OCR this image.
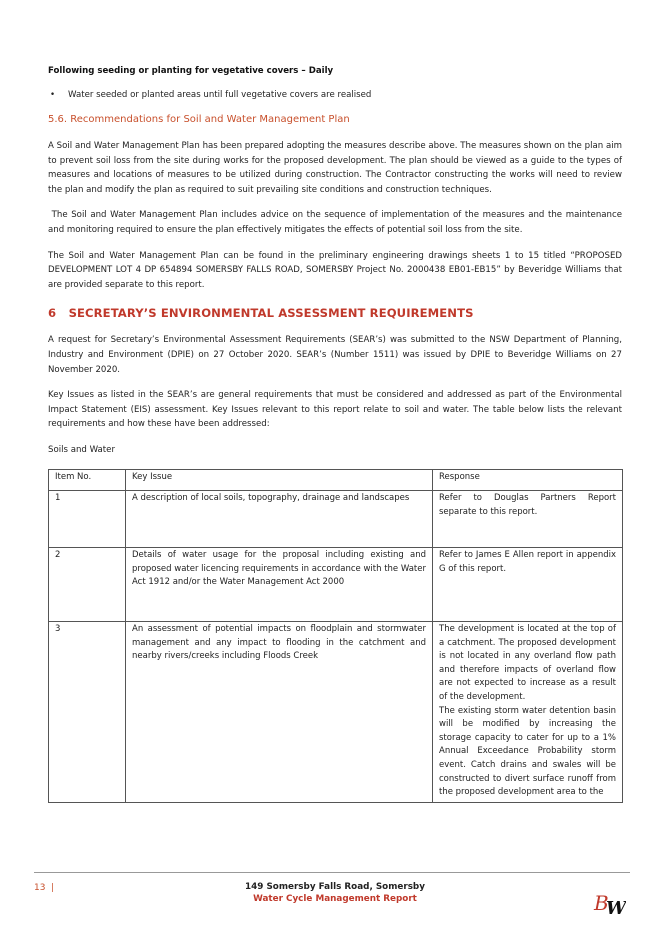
Following seeding or planting for vegetative covers – Daily
•	Water seeded or planted areas until full vegetative covers are realised
5.6. Recommendations for Soil and Water Management Plan

A Soil and Water Management Plan has been prepared adopting the measures describe above. The measures shown on the plan aim to prevent soil loss from the site during works for the proposed development. The plan should be viewed as a guide to the types of measures and locations of measures to be utilized during construction. The Contractor constructing the works will need to review the plan and modify the plan as required to suit prevailing site conditions and construction techniques.

The Soil and Water Management Plan includes advice on the sequence of implementation of the measures and the maintenance and monitoring required to ensure the plan effectively mitigates the effects of potential soil loss from the site.

The Soil and Water Management Plan can be found in the preliminary engineering drawings sheets 1 to 15 titled “PROPOSED DEVELOPMENT LOT 4 DP 654894 SOMERSBY FALLS ROAD, SOMERSBY Project No. 2000438 EB01-EB15” by Beveridge Williams that are provided separate to this report.

6   SECRETARY’S ENVIRONMENTAL ASSESSMENT REQUIREMENTS

A request for Secretary’s Environmental Assessment Requirements (SEAR’s) was submitted to the NSW Department of Planning, Industry and Environment (DPIE) on 27 October 2020. SEAR’s (Number 1511) was issued by DPIE to Beveridge Williams on 27 November 2020.

Key Issues as listed in the SEAR’s are general requirements that must be considered and addressed as part of the Environmental Impact Statement (EIS) assessment. Key Issues relevant to this report relate to soil and water. The table below lists the relevant requirements and how these have been addressed:

Soils and Water

Item No.	Key Issue	Response
1	A description of local soils, topography, drainage and landscapes	Refer to Douglas Partners Report separate to this report.
2	Details of water usage for the proposal including existing and proposed water licencing requirements in accordance with the Water Act 1912 and/or the Water Management Act 2000	Refer to James E Allen report in appendix G of this report.
3	An assessment of potential impacts on floodplain and stormwater management and any impact to flooding in the catchment and nearby rivers/creeks including Floods Creek	The development is located at the top of a catchment. The proposed development is not located in any overland flow path and therefore impacts of overland flow are not expected to increase as a result of the development.
The existing storm water detention basin will be modified by increasing the storage capacity to cater for up to a 1% Annual Exceedance Probability storm event. Catch drains and swales will be constructed to divert surface runoff from the proposed development area to the
13  |	149 Somersby Falls Road, Somersby
Water Cycle Management Report	B
W
